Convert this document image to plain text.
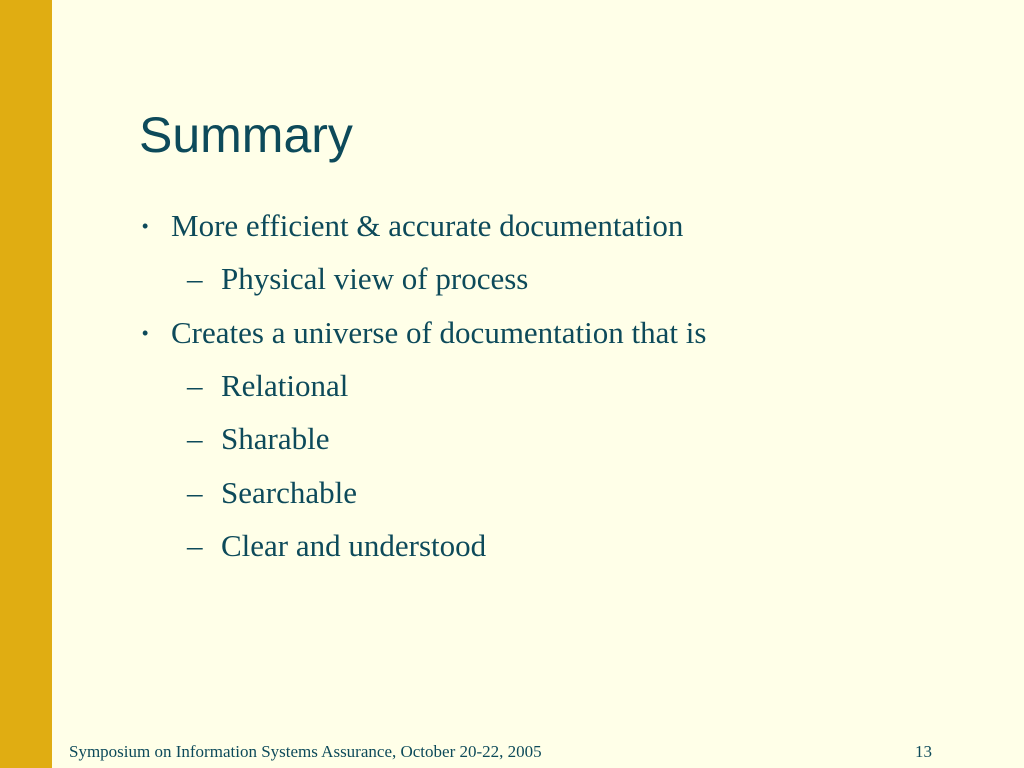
Summary
• More efficient & accurate documentation
– Physical view of process
• Creates a universe of documentation that is
– Relational
– Sharable
– Searchable
– Clear and understood
Symposium on Information Systems Assurance, October 20-22, 2005	13
